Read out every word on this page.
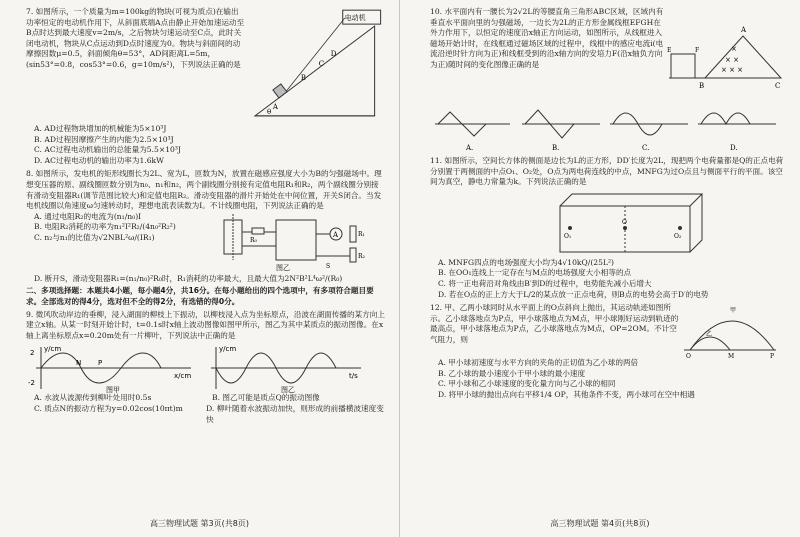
7. 如图所示，一个质量为m=100kg的物块(可视为质点)在输出功率恒定的电动机作用下，从斜面底端A点由静止开始加速运动至B点时达到最大速度v=2m/s，之后物块匀速运动至C点，此时关闭电动机，物块从C点运动到D点时速度为0。物块与斜面间的动摩擦因数μ=0.5，斜面倾角θ=53°，AD间距离L=5m，(sin53°=0.8，cos53°=0.6，g=10m/s²)，下列说法正确的是

电动机
A
B
C
D
θ

A. AD过程物块增加的机械能为5×10³J

B. AD过程因摩擦产生的内能为2.5×10³J

C. AC过程电动机输出的总能量为5.5×10³J

D. AC过程电动机的输出功率为1.6kW

8. 如图所示，发电机的矩形线圈长为2L、宽为L，匝数为N，放置在磁感应强度大小为B的匀强磁场中。理想变压器的原、副线圈匝数分别为n₀、n₁和n₂，两个副线圈分别接有定值电阻R₁和R₂，两个副线圈分别接有滑动变阻器R₁(调节范围比较大)和定值电阻R₂。滑动变阻器的滑片开始处在中间位置，开关S闭合。当发电机线圈以角速度ω匀速转动时，理想电流表读数为I。不计线圈电阻，下列说法正确的是

A. 通过电阻R₂的电流为(n₁/n₀)I

B. 电阻R₂消耗的功率为n₁²I²R₂/(4n₀²R₂²)

C. n₂与n₁的比值为√2NBL²ω/(IR₁)	A
R₀
R₁
R₂
S
图乙

D. 断开S，滑动变阻器R₁=(n₁/n₀)²R₀时，R₁消耗的功率最大，且最大值为2N²B²L⁴ω²/(R₀)

二、多项选择题：本题共4小题，每小题4分，共16分。在每小题给出的四个选项中，有多项符合题目要求。全部选对的得4分，选对但不全的得2分，有选错的得0分。

9. 微风吹动岸边的垂柳，浸入湖面的柳枝上下振动，以柳枝浸入点为坐标原点，沿波在湖面传播的某方向上建立x轴。从某一时刻开始计时，t=0.1s时x轴上波动图像如图甲所示，图乙为其中某质点的振动图像。在x轴上离坐标原点x=0.20m处有一片柳叶，下列说法中正确的是

y/cm
x/cm
2
-2
N P
图甲
y/cm
t/s
图乙

A. 水波从波源传到柳叶处用时0.5s	B. 图乙可能是质点Q的振动图像

C. 质点N的振动方程为y=0.02cos(10πt)m	D. 柳叶随着水波振动加快，则形成的前播横波速度变快

高三物理试题 第3页(共8页)

10. 水平面内有一腰长为2√2L的等腰直角三角形ABC区域，区域内有垂直水平面向里的匀强磁场，一边长为2L的正方形金属线框EFGH在外力作用下，以恒定的速度沿x轴正方向运动，如图所示，从线框进入磁场开始计时，在线框通过磁场区域的过程中，线框中的感应电流i(电流沿逆时针方向为正)和线框受到的沿x轴方向的安培力F(沿x轴负方向为正)随时间的变化图像正确的是	× ×
×
× × ×
A
B	C
E	F
A.	B.	C.	D.

11. 如图所示，空间长方体的侧面是边长为L的正方形，DD′长度为2L，现把两个电荷量都是Q的正点电荷分别置于两侧面的中点O₁、O₂处，O点为两电荷连线的中点，MNFG为过O点且与侧面平行的平面。该空间为真空，静电力常量为k。下列说法正确的是

O
O₁	O₂

A. MNFG四点的电场强度大小均为4√10kQ/(25L²)

B. 在OO₁连线上一定存在与M点的电场强度大小相等的点

C. 将一正电荷沿对角线由B′到D的过程中，电势能先减小后增大

D. 若在O点的正上方大于L/2的某点放一正点电荷，则B点的电势会高于D′的电势

12. 甲、乙两小球同时从水平面上的O点斜向上抛出，其运动轨迹如图所示。乙小球落地点为P点，甲小球落地点为M点，甲小球刚好运动到轨迹的最高点，甲小球落地点为P点，乙小球落地点为M点，OP=2OM。不计空气阻力，则

甲
乙
O	M	P

A. 甲小球初速度与水平方向的夹角的正切值为乙小球的两倍

B. 乙小球的最小速度小于甲小球的最小速度

C. 甲小球和乙小球速度的变化量方向与乙小球的相同

D. 将甲小球的抛出点向右平移1/4 OP，其他条件不变，两小球可在空中相遇

高三物理试题 第4页(共8页)
